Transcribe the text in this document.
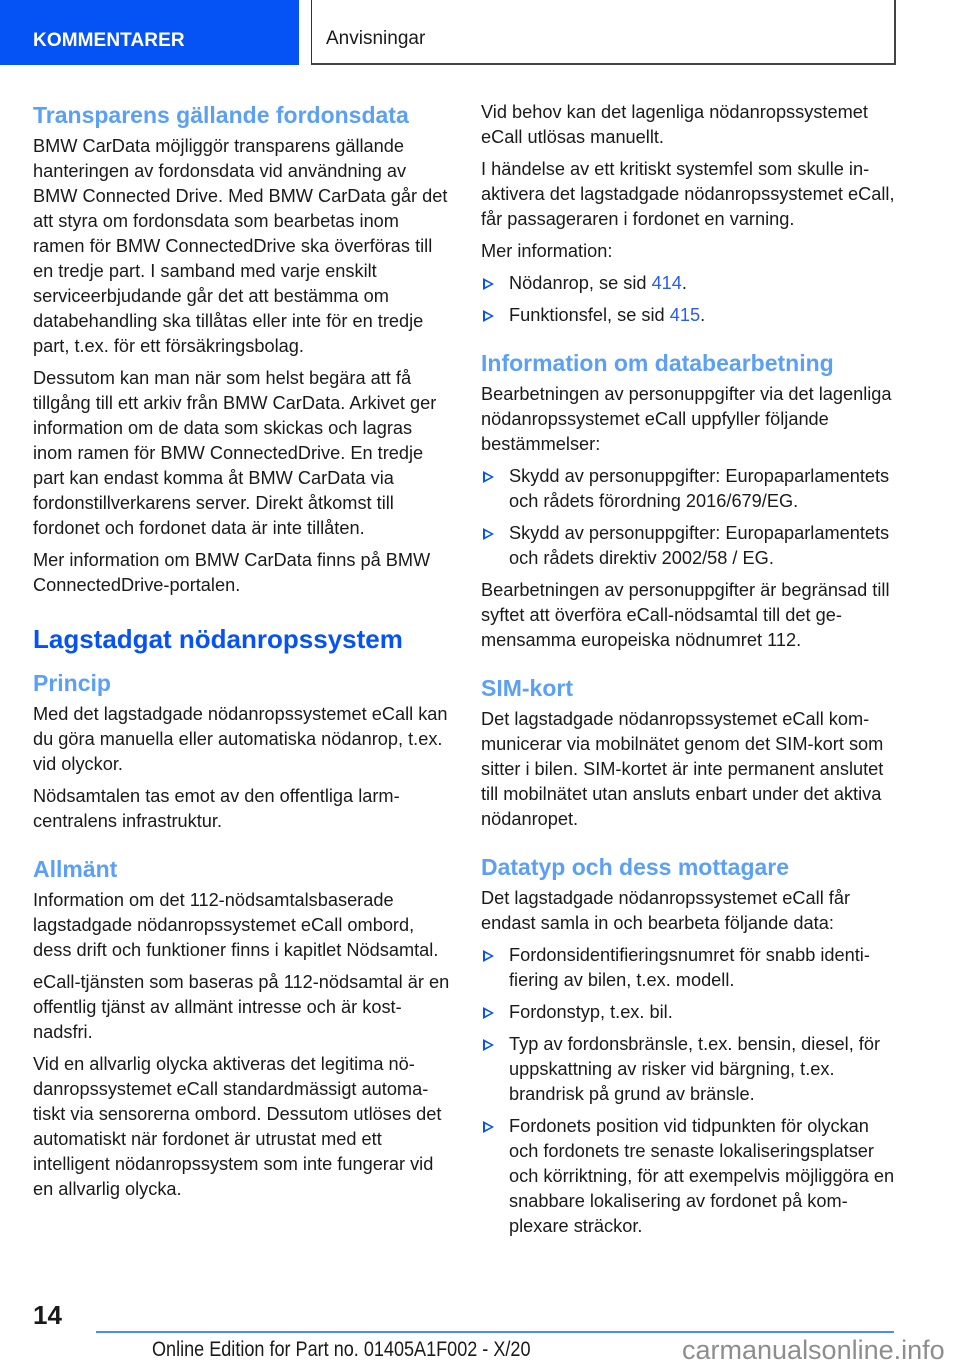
KOMMENTARER	Anvisningar
Transparens gällande fordonsdata

BMW CarData möjliggör transparens gällande hanteringen av fordonsdata vid användning av BMW Connected Drive. Med BMW CarData går det att styra om fordonsdata som bearbetas inom ramen för BMW ConnectedDrive ska överföras till en tredje part. I samband med varje enskilt serviceerbjudande går det att bestämma om databehandling ska tillåtas eller inte för en tredje part, t.ex. för ett försäkringsbolag.

Dessutom kan man när som helst begära att få tillgång till ett arkiv från BMW CarData. Arkivet ger information om de data som skickas och lagras inom ramen för BMW ConnectedDrive. En tredje part kan endast komma åt BMW CarData via fordonstillverkarens server. Direkt åtkomst till fordonet och fordonet data är inte tillåten.

Mer information om BMW CarData finns på BMW ConnectedDrive-portalen.

Lagstadgat nödanropssystem
Princip

Med det lagstadgade nödanropssystemet eCall kan du göra manuella eller automatiska nödanrop, t.ex. vid olyckor.

Nödsamtalen tas emot av den offentliga larmcentralens infrastruktur.

Allmänt

Information om det 112-nödsamtalsbaserade lagstadgade nödanropssystemet eCall ombord, dess drift och funktioner finns i kapitlet Nödsamtal.

eCall-tjänsten som baseras på 112-nödsamtal är en offentlig tjänst av allmänt intresse och är kostnadsfri.

Vid en allvarlig olycka aktiveras det legitima nödanropssystemet eCall standardmässigt automatiskt via sensorerna ombord. Dessutom utlöses det automatiskt när fordonet är utrustat med ett intelligent nödanropssystem som inte fungerar vid en allvarlig olycka.

Vid behov kan det lagenliga nödanropssystemet eCall utlösas manuellt.

I händelse av ett kritiskt systemfel som skulle inaktivera det lagstadgade nödanropssystemet eCall, får passageraren i fordonet en varning.

Mer information:

Nödanrop, se sid 414.
Funktionsfel, se sid 415.
Information om databearbetning

Bearbetningen av personuppgifter via det lagenliga nödanropssystemet eCall uppfyller följande bestämmelser:

Skydd av personuppgifter: Europaparlamentets och rådets förordning 2016/679/EG.
Skydd av personuppgifter: Europaparlamentets och rådets direktiv 2002/58 / EG.

Bearbetningen av personuppgifter är begränsad till syftet att överföra eCall-nödsamtal till det gemensamma europeiska nödnumret 112.

SIM-kort

Det lagstadgade nödanropssystemet eCall kommunicerar via mobilnätet genom det SIM-kort som sitter i bilen. SIM-kortet är inte permanent anslutet till mobilnätet utan ansluts enbart under det aktiva nödanropet.

Datatyp och dess mottagare

Det lagstadgade nödanropssystemet eCall får endast samla in och bearbeta följande data:

Fordonsidentifieringsnumret för snabb identifiering av bilen, t.ex. modell.
Fordonstyp, t.ex. bil.
Typ av fordonsbränsle, t.ex. bensin, diesel, för uppskattning av risker vid bärgning, t.ex. brandrisk på grund av bränsle.
Fordonets position vid tidpunkten för olyckan och fordonets tre senaste lokaliseringsplatser och körriktning, för att exempelvis möjliggöra en snabbare lokalisering av fordonet på komplexare sträckor.
14
Online Edition for Part no. 01405A1F002 - X/20	carmanualsonline.info
